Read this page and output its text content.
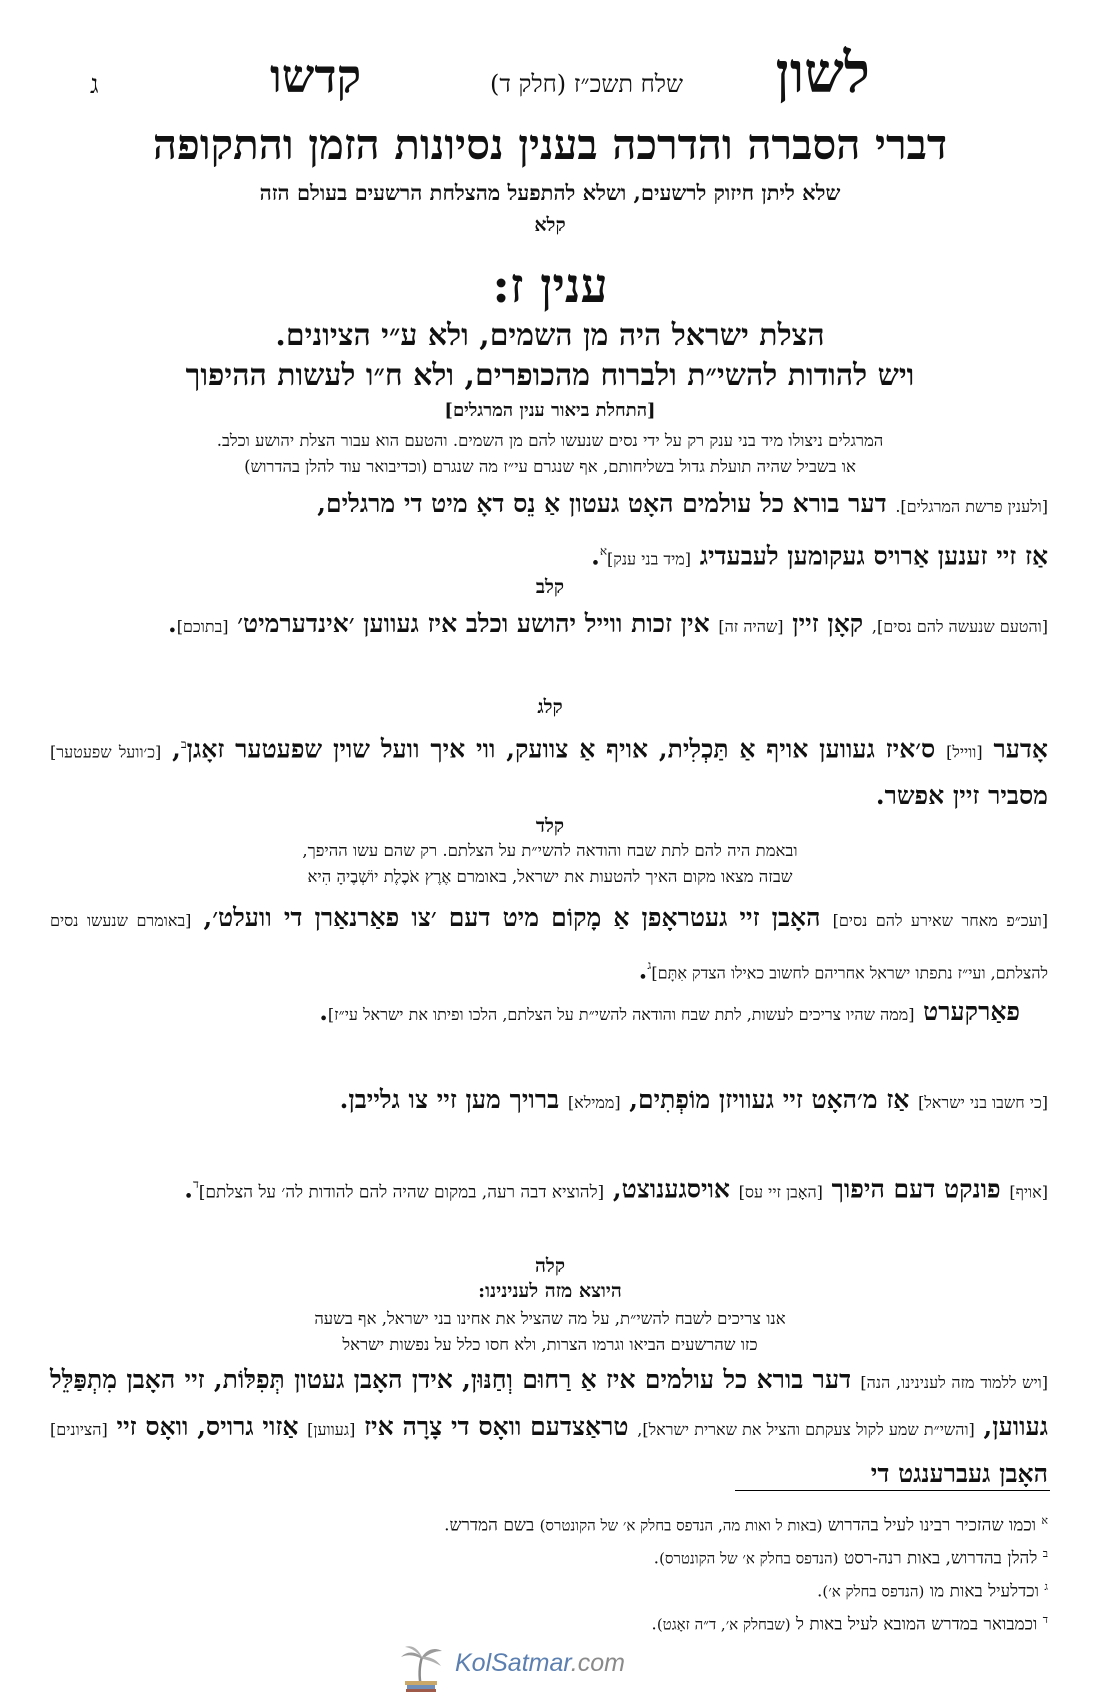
לשון
שלח תשכ״ז (חלק ד)
קדשו
ג
דברי הסברה והדרכה בענין נסיונות הזמן והתקופה
שלא ליתן חיזוק לרשעים, ושלא להתפעל מהצלחת הרשעים בעולם הזה
קלא
ענין ז:
הצלת ישראל היה מן השמים, ולא ע״י הציונים.
ויש להודות להשי״ת ולברוח מהכופרים, ולא ח״ו לעשות ההיפוך
[התחלת ביאור ענין המרגלים]
המרגלים ניצולו מיד בני ענק רק על ידי נסים שנעשו להם מן השמים. והטעם הוא עבור הצלת יהושע וכלב.
או בשביל שהיה תועלת גדול בשליחותם, אף שנגרם עי״ז מה שנגרם (וכדיבואר עוד להלן בהדרוש)
[ולענין פרשת המרגלים]. דער בורא כל עולמים האָט געטון אַ נֵס דאָ מיט די מרגלים,
אַז זיי זענען אַרויס געקומען לעבעדיג [מיד בני ענק]$^א$.
קלב
[והטעם שנעשה להם נסים], קאָן זיין [שהיה זה] אין זכות ווייל יהושע וכלב איז געווען ׳אינדערמיט׳ [בתוכם].
קלג
אָדער [ווייל] ס׳איז געווען אויף אַ תַּכְלִית, אויף אַ צוועק, ווי איך וועל שוין שפעטער זאָגן$^ב$, [כ׳וועל שפעטער] מסביר זיין אפשר.
קלד
ובאמת היה להם לתת שבח והודאה להשי״ת על הצלתם. רק שהם עשו ההיפך,
שבזה מצאו מקום האיך להטעות את ישראל, באומרם אֶרֶץ אֹכֶלֶת יוֹשְׁבֶיהָ הִיא
[ועכ״פ מאחר שאירע להם נסים] האָבן זיי געטראָפן אַ מָקוֹם מיט דעם ׳צו פאַרנאַרן די וועלט׳, [באומרם שנעשו נסים להצלתם, ועי״ז נתפתו ישראל אחריהם לחשוב כאילו הצדק אִתָּם]$^ג$.
פאַרקערט [ממה שהיו צריכים לעשות, לתת שבח והודאה להשי״ת על הצלתם, הלכו ופיתו את ישראל עי״ז].
[כי חשבו בני ישראל] אַז מ׳האָט זיי געוויזן מוֹפְתִים, [ממילא] ברויך מען זיי צו גלייבן.
[אויף] פונקט דעם היפוך [האָבן זיי עס] אויסגענוצט, [להוציא דבה רעה, במקום שהיה להם להודות לה׳ על הצלתם]$^ד$.
קלה
היוצא מזה לענינינו:
אנו צריכים לשבח להשי״ת, על מה שהציל את אחינו בני ישראל, אף בשעה
כזו שהרשעים הביאו וגרמו הצרות, ולא חסו כלל על נפשות ישראל
[ויש ללמוד מזה לענינינו, הנה] דער בורא כל עולמים איז אַ רַחוּם וְחַנּוּן, אידן האָבן געטון תְּפִלּוֹת, זיי האָבן מִתְפַּלֵּל געווען, [והשי״ת שמע לקול צעקתם והציל את שארית ישראל], טראַצדעם וואָס די צָרָה איז [געווען] אַזוי גרויס, וואָס זיי [הציונים] האָבן געברענגט די
$^א$ וכמו שהזכיר רבינו לעיל בהדרוש (באות ל ואות מה, הנדפס בחלק א׳ של הקונטרס) בשם המדרש.
$^ב$ להלן בהדרוש, באות רנה-רסט (הנדפס בחלק א׳ של הקונטרס).
$^ג$ וכדלעיל באות מו (הנדפס בחלק א׳).
$^ד$ וכמבואר במדרש המובא לעיל באות ל (שבחלק א׳, ד״ה זאָגט).
KolSatmar.com
